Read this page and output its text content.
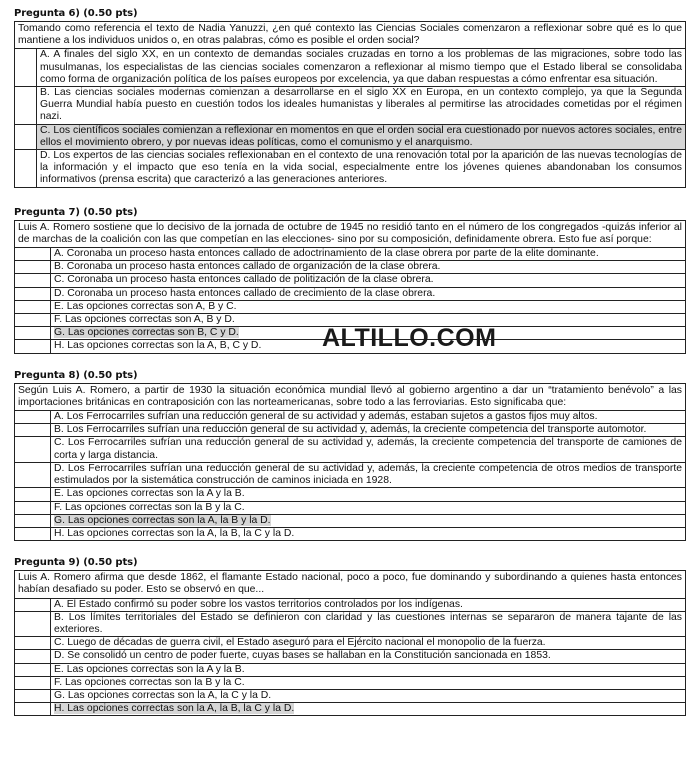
Pregunta 6) (0.50 pts)

Tomando como referencia el texto de Nadia Yanuzzi, ¿en qué contexto las Ciencias Sociales comenzaron a reflexionar sobre qué es lo que mantiene a los individuos unidos o, en otras palabras, cómo es posible el orden social?
A. A finales del siglo XX, en un contexto de demandas sociales cruzadas en torno a los problemas de las migraciones, sobre todo las musulmanas, los especialistas de las ciencias sociales comenzaron a reflexionar al mismo tiempo que el Estado liberal se consolidaba como forma de organización política de los países europeos por excelencia, ya que daban respuestas a cómo enfrentar esa situación.
B. Las ciencias sociales modernas comienzan a desarrollarse en el siglo XX en Europa, en un contexto complejo, ya que la Segunda Guerra Mundial había puesto en cuestión todos los ideales humanistas y liberales al permitirse las atrocidades cometidas por el régimen nazi.
C. Los científicos sociales comienzan a reflexionar en momentos en que el orden social era cuestionado por nuevos actores sociales, entre ellos el movimiento obrero, y por nuevas ideas políticas, como el comunismo y el anarquismo.
D. Los expertos de las ciencias sociales reflexionaban en el contexto de una renovación total por la aparición de las nuevas tecnologías de la información y el impacto que eso tenía en la vida social, especialmente entre los jóvenes quienes abandonaban los consumos informativos (prensa escrita) que caracterizó a las generaciones anteriores.

Pregunta 7) (0.50 pts)

Luis A. Romero sostiene que lo decisivo de la jornada de octubre de 1945 no residió tanto en el número de los congregados -quizás inferior al de marchas de la coalición con las que competían en las elecciones- sino por su composición, definidamente obrera. Esto fue así porque:
A. Coronaba un proceso hasta entonces callado de adoctrinamiento de la clase obrera por parte de la elite dominante.
B. Coronaba un proceso hasta entonces callado de organización de la clase obrera.
C. Coronaba un proceso hasta entonces callado de politización de la clase obrera.
D. Coronaba un proceso hasta entonces callado de crecimiento de la clase obrera.
E. Las opciones correctas son A, B y C.
F. Las opciones correctas son A, B y D.
G. Las opciones correctas son B, C y D.
H. Las opciones correctas son la A, B, C y D.

Pregunta 8) (0.50 pts)

Según Luis A. Romero, a partir de 1930 la situación económica mundial llevó al gobierno argentino a dar un “tratamiento benévolo” a las importaciones británicas en contraposición con las norteamericanas, sobre todo a las ferroviarias. Esto significaba que:
A. Los Ferrocarriles sufrían una reducción general de su actividad y además, estaban sujetos a gastos fijos muy altos.
B. Los Ferrocarriles sufrían una reducción general de su actividad y, además, la creciente competencia del transporte automotor.
C. Los Ferrocarriles sufrían una reducción general de su actividad y, además, la creciente competencia del transporte de camiones de corta y larga distancia.
D. Los Ferrocarriles sufrían una reducción general de su actividad y, además, la creciente competencia de otros medios de transporte estimulados por la sistemática construcción de caminos iniciada en 1928.
E. Las opciones correctas son la A y la B.
F. Las opciones correctas son la B y la C.
G. Las opciones correctas son la A, la B y la D.
H. Las opciones correctas son la A, la B, la C y la D.

Pregunta 9) (0.50 pts)

Luis A. Romero afirma que desde 1862, el flamante Estado nacional, poco a poco, fue dominando y subordinando a quienes hasta entonces habían desafiado su poder. Esto se observó en que...
A. El Estado confirmó su poder sobre los vastos territorios controlados por los indígenas.
B. Los límites territoriales del Estado se definieron con claridad y las cuestiones internas se separaron de manera tajante de las exteriores.
C. Luego de décadas de guerra civil, el Estado aseguró para el Ejército nacional el monopolio de la fuerza.
D. Se consolidó un centro de poder fuerte, cuyas bases se hallaban en la Constitución sancionada en 1853.
E. Las opciones correctas son la A y la B.
F. Las opciones correctas son la B y la C.
G. Las opciones correctas son la A, la C y la D.
H. Las opciones correctas son la A, la B, la C y la D.
ALTILLO.COM
